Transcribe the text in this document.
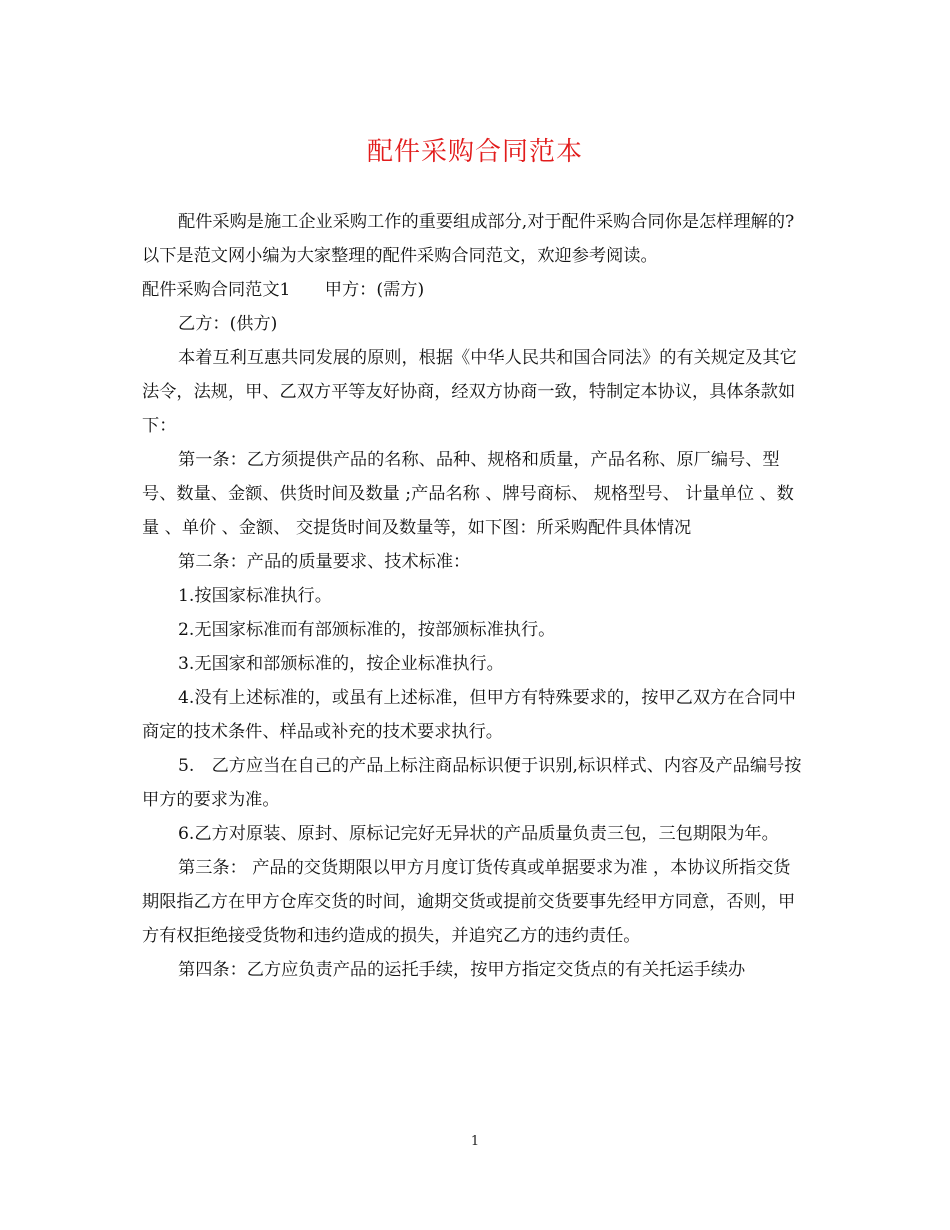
配件采购合同范本

配件采购是施工企业采购工作的重要组成部分,对于配件采购合同你是怎样理解的?以下是范文网小编为大家整理的配件采购合同范文，欢迎参考阅读。

配件采购合同范文1　　甲方：(需方)

乙方：(供方)

本着互利互惠共同发展的原则，根据《中华人民共和国合同法》的有关规定及其它法令，法规，甲、乙双方平等友好协商，经双方协商一致，特制定本协议，具体条款如下：

第一条：乙方须提供产品的名称、品种、规格和质量，产品名称、原厂编号、型号、数量、金额、供货时间及数量 ;产品名称 、牌号商标、 规格型号、 计量单位 、数量 、单价 、金额、 交提货时间及数量等，如下图：所采购配件具体情况

第二条：产品的质量要求、技术标准：

1.按国家标准执行。

2.无国家标准而有部颁标准的，按部颁标准执行。

3.无国家和部颁标准的，按企业标准执行。

4.没有上述标准的，或虽有上述标准，但甲方有特殊要求的，按甲乙双方在合同中商定的技术条件、样品或补充的技术要求执行。

5.　乙方应当在自己的产品上标注商品标识便于识别,标识样式、内容及产品编号按甲方的要求为准。

6.乙方对原装、原封、原标记完好无异状的产品质量负责三包，三包期限为年。

第三条： 产品的交货期限以甲方月度订货传真或单据要求为准 ，本协议所指交货期限指乙方在甲方仓库交货的时间，逾期交货或提前交货要事先经甲方同意，否则，甲方有权拒绝接受货物和违约造成的损失，并追究乙方的违约责任。

第四条：乙方应负责产品的运托手续，按甲方指定交货点的有关托运手续办

1
